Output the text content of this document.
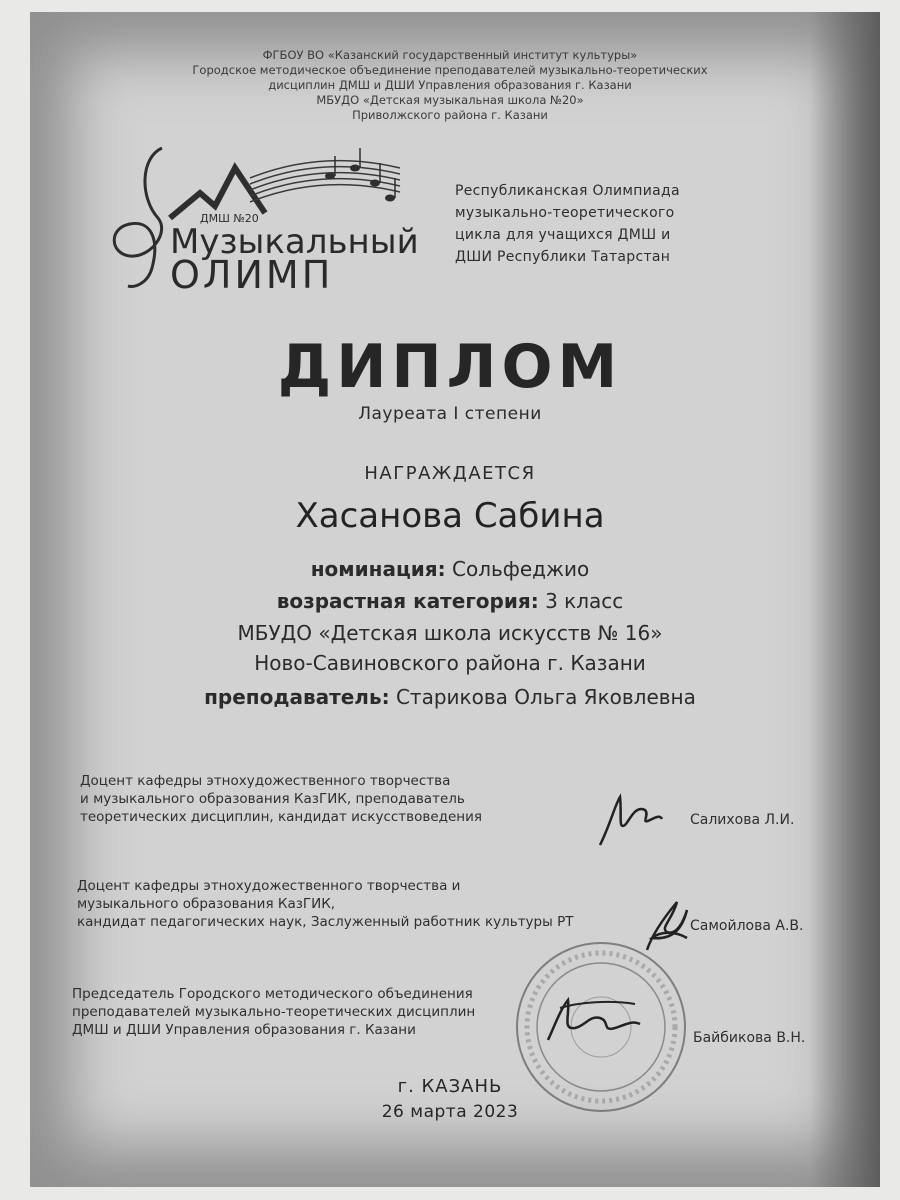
ФГБОУ ВО «Казанский государственный институт культуры»
Городское методическое объединение преподавателей музыкально-теоретических
дисциплин ДМШ и ДШИ Управления образования г. Казани
МБУДО «Детская музыкальная школа №20»
Приволжского района г. Казани
ДМШ №20
Музыкальный
ОЛИМП
Республиканская Олимпиада
музыкально-теоретического
цикла для учащихся ДМШ и
ДШИ Республики Татарстан
ДИПЛОМ
Лауреата I степени
НАГРАЖДАЕТСЯ
Хасанова Сабина
номинация: Сольфеджио
возрастная категория: 3 класс
МБУДО «Детская школа искусств № 16»
Ново-Савиновского района г. Казани
преподаватель: Старикова Ольга Яковлевна
Доцент кафедры этнохудожественного творчества
и музыкального образования КазГИК, преподаватель
теоретических дисциплин, кандидат искусствоведения	Салихова Л.И.
Доцент кафедры этнохудожественного творчества и
музыкального образования КазГИК,
кандидат педагогических наук, Заслуженный работник культуры РТ	Самойлова А.В.
Председатель Городского методического объединения
преподавателей музыкально-теоретических дисциплин
ДМШ и ДШИ Управления образования г. Казани	Байбикова В.Н.
г. КАЗАНЬ
26 марта 2023
